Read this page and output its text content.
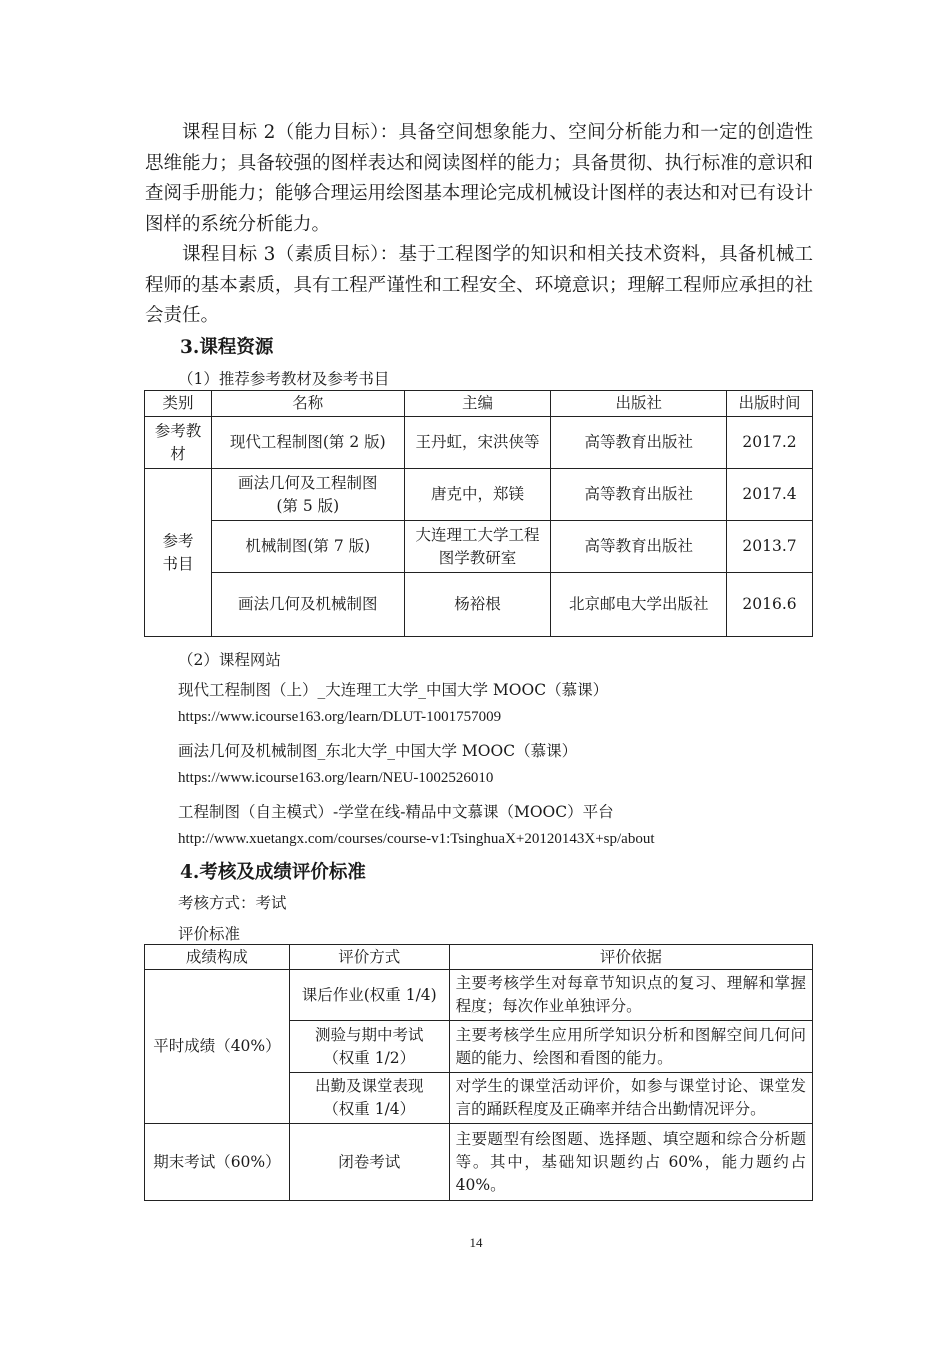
课程目标 2（能力目标）：具备空间想象能力、空间分析能力和一定的创造性思维能力；具备较强的图样表达和阅读图样的能力；具备贯彻、执行标准的意识和查阅手册能力；能够合理运用绘图基本理论完成机械设计图样的表达和对已有设计图样的系统分析能力。

课程目标 3（素质目标）：基于工程图学的知识和相关技术资料，具备机械工程师的基本素质，具有工程严谨性和工程安全、环境意识；理解工程师应承担的社会责任。

3.课程资源

（1）推荐参考教材及参考书目

类别	名称	主编	出版社	出版时间
参考教材	现代工程制图(第 2 版)	王丹虹，宋洪侠等	高等教育出版社	2017.2
参考书目	画法几何及工程制图(第 5 版)	唐克中，郑镁	高等教育出版社	2017.4
	机械制图(第 7 版)	大连理工大学工程图学教研室	高等教育出版社	2013.7
	画法几何及机械制图	杨裕根	北京邮电大学出版社	2016.6

（2）课程网站

现代工程制图（上）_大连理工大学_中国大学 MOOC（慕课）

https://www.icourse163.org/learn/DLUT-1001757009

画法几何及机械制图_东北大学_中国大学 MOOC（慕课）

https://www.icourse163.org/learn/NEU-1002526010

工程制图（自主模式）-学堂在线-精品中文慕课（MOOC）平台

http://www.xuetangx.com/courses/course-v1:TsinghuaX+20120143X+sp/about

4.考核及成绩评价标准

考核方式：考试

评价标准

成绩构成	评价方式	评价依据
平时成绩（40%）	课后作业(权重 1/4)	主要考核学生对每章节知识点的复习、理解和掌握程度；每次作业单独评分。
	测验与期中考试（权重 1/2）	主要考核学生应用所学知识分析和图解空间几何问题的能力、绘图和看图的能力。
	出勤及课堂表现（权重 1/4）	对学生的课堂活动评价，如参与课堂讨论、课堂发言的踊跃程度及正确率并结合出勤情况评分。
期末考试（60%）	闭卷考试	主要题型有绘图题、选择题、填空题和综合分析题等。其中，基础知识题约占 60%，能力题约占 40%。
14
